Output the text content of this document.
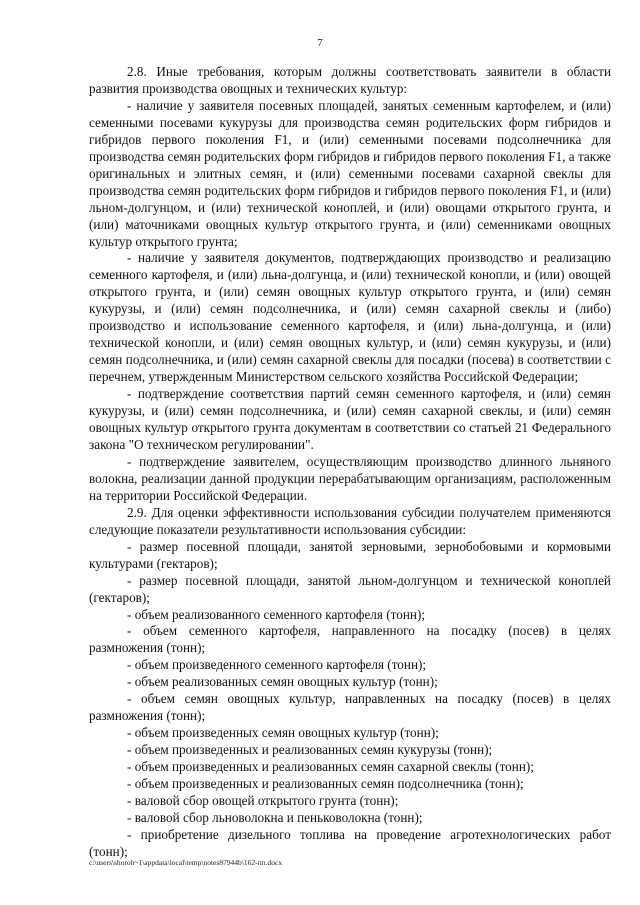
7

2.8. Иные требования, которым должны соответствовать заявители в области развития производства овощных и технических культур:

- наличие у заявителя посевных площадей, занятых семенным картофелем, и (или) семенными посевами кукурузы для производства семян родительских форм гибридов и гибридов первого поколения F1, и (или) семенными посевами подсолнечника для производства семян родительских форм гибридов и гибридов первого поколения F1, а также оригинальных и элитных семян, и (или) семенными посевами сахарной свеклы для производства семян родительских форм гибридов и гибридов первого поколения F1, и (или) льном-долгунцом, и (или) технической коноплей, и (или) овощами открытого грунта, и (или) маточниками овощных культур открытого грунта, и (или) семенниками овощных культур открытого грунта;

- наличие у заявителя документов, подтверждающих производство и реализацию семенного картофеля, и (или) льна-долгунца, и (или) технической конопли, и (или) овощей открытого грунта, и (или) семян овощных культур открытого грунта, и (или) семян кукурузы, и (или) семян подсолнечника, и (или) семян сахарной свеклы и (либо) производство и использование семенного картофеля, и (или) льна-долгунца, и (или) технической конопли, и (или) семян овощных культур, и (или) семян кукурузы, и (или) семян подсолнечника, и (или) семян сахарной свеклы для посадки (посева) в соответствии с перечнем, утвержденным Министерством сельского хозяйства Российской Федерации;

- подтверждение соответствия партий семян семенного картофеля, и (или) семян кукурузы, и (или) семян подсолнечника, и (или) семян сахарной свеклы, и (или) семян овощных культур открытого грунта документам в соответствии со статьей 21 Федерального закона "О техническом регулировании".

- подтверждение заявителем, осуществляющим производство длинного льняного волокна, реализации данной продукции перерабатывающим организациям, расположенным на территории Российской Федерации.

2.9. Для оценки эффективности использования субсидии получателем применяются следующие показатели результативности использования субсидии:

- размер посевной площади, занятой зерновыми, зернобобовыми и кормовыми культурами (гектаров);

- размер посевной площади, занятой льном-долгунцом и технической коноплей (гектаров);

- объем реализованного семенного картофеля (тонн);

- объем семенного картофеля, направленного на посадку (посев) в целях размножения (тонн);

- объем произведенного семенного картофеля (тонн);

- объем реализованных семян овощных культур (тонн);

- объем семян овощных культур, направленных на посадку (посев) в целях размножения (тонн);

- объем произведенных семян овощных культур (тонн);

- объем произведенных и реализованных семян кукурузы (тонн);

- объем произведенных и реализованных семян сахарной свеклы (тонн);

- объем произведенных и реализованных семян подсолнечника (тонн);

- валовой сбор овощей открытого грунта (тонн);

- валовой сбор льноволокна и пеньковолокна (тонн);

- приобретение дизельного топлива на проведение агротехнологических работ (тонн);

c:\users\shoroh~1\appdata\local\temp\notes87944b\162-пп.docx
